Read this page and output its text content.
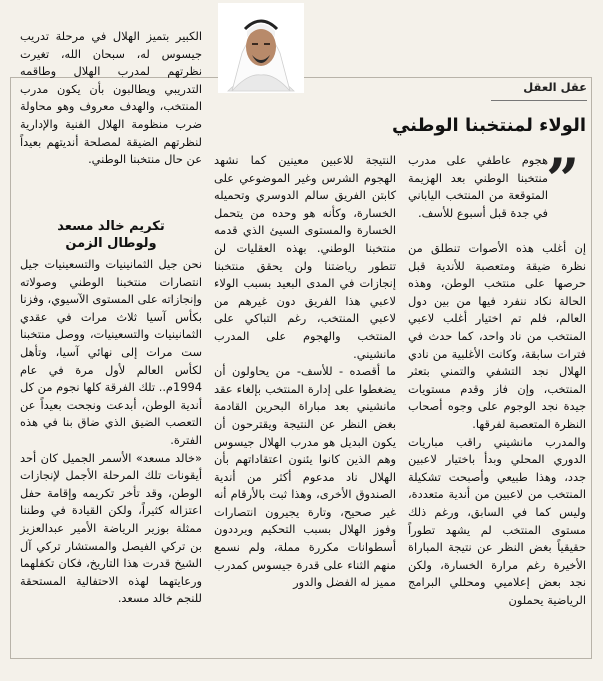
عقل العقل
الولاء لمنتخبنا الوطني
”

هجوم عاطفي على مدرب منتخبنا الوطني بعد الهزيمة المتوقعة من المنتخب الياباني في جدة قبل أسبوع للأسف.

إن أغلب هذه الأصوات تنطلق من نظرة ضيقة ومتعصبة للأندية قبل حرصها على منتخب الوطن، وهذه الحالة نكاد ننفرد فيها من بين دول العالم، فلم تم اختيار أغلب لاعبي المنتخب من ناد واحد، كما حدث في فترات سابقة، وكانت الأغلبية من نادي الهلال نجد التشفي والتمني بتعثر المنتخب، وإن فاز وقدم مستويات جيدة نجد الوجوم على وجوه أصحاب النظرة المتعصبة لفرقها.

والمدرب مانشيني راقب مباريات الدوري المحلي وبدأ باختيار لاعبين جدد، وهذا طبيعي وأصبحت تشكيلة المنتخب من لاعبين من أندية متعددة، وليس كما في السابق، ورغم ذلك مستوى المنتخب لم يشهد تطوراً حقيقياً بغض النظر عن نتيجة المباراة الأخيرة رغم مرارة الخسارة، ولكن نجد بعض إعلاميي ومحللي البرامج الرياضية يحملون

النتيجة للاعبين معينين كما نشهد الهجوم الشرس وغير الموضوعي على كابتن الفريق سالم الدوسري وتحميله الخسارة، وكأنه هو وحده من يتحمل الخسارة والمستوى السيئ الذي قدمه منتخبنا الوطني. بهذه العقليات لن تتطور رياضتنا ولن يحقق منتخبنا إنجازات في المدى البعيد بسبب الولاء لاعبي هذا الفريق دون غيرهم من لاعبي المنتخب، رغم التباكي على المنتخب والهجوم على المدرب مانشيني.

ما أقصده - للأسف- من يحاولون أن يضغطوا على إدارة المنتخب بإلغاء عقد مانشيني بعد مباراة البحرين القادمة بغض النظر عن النتيجة ويقترحون أن يكون البديل هو مدرب الهلال جيسوس وهم الذين كانوا يئنون اعتقاداتهم بأن الهلال ناد مدعوم أكثر من أندية الصندوق الأخرى، وهذا ثبت بالأرقام أنه غير صحيح، وتارة يجيرون انتصارات وفوز الهلال بسبب التحكيم ويرددون أسطوانات مكررة مملة، ولم نسمع منهم الثناء على قدرة جيسوس كمدرب مميز له الفضل والدور

الكبير بتميز الهلال في مرحلة تدريب جيسوس له، سبحان الله، تغيرت نظرتهم لمدرب الهلال وطاقمه التدريبي ويطالبون بأن يكون مدرب المنتخب، والهدف معروف وهو محاولة ضرب منظومة الهلال الفنية والإدارية لنظرتهم الضيقة لمصلحة أنديتهم بعيداً عن حال منتخبنا الوطني.

تكريم خالد مسعد
ولوطال الزمن

نحن جيل الثمانينيات والتسعينيات جيل انتصارات منتخبنا الوطني وصولاته وإنجازاته على المستوى الآسيوي، وفزنا بكأس آسيا ثلاث مرات في عقدي الثمانينيات والتسعينيات، ووصل منتخبنا ست مرات إلى نهائي آسيا، وتأهل لكأس العالم لأول مرة في عام 1994م.. تلك الفرقة كلها نجوم من كل أندية الوطن، أبدعت ونجحت بعيداً عن التعصب الضيق الذي ضاق بنا في هذه الفترة.

«خالد مسعد» الأسمر الجميل كان أحد أيقونات تلك المرحلة الأجمل لإنجازات الوطن، وقد تأخر تكريمه وإقامة حفل اعتزاله كثيراً، ولكن القيادة في وطننا ممثلة بوزير الرياضة الأمير عبدالعزيز بن تركي الفيصل والمستشار تركي آل الشيخ قدرت هذا التاريخ، فكان تكفلهما ورعايتهما لهذه الاحتفالية المستحقة للنجم خالد مسعد.
